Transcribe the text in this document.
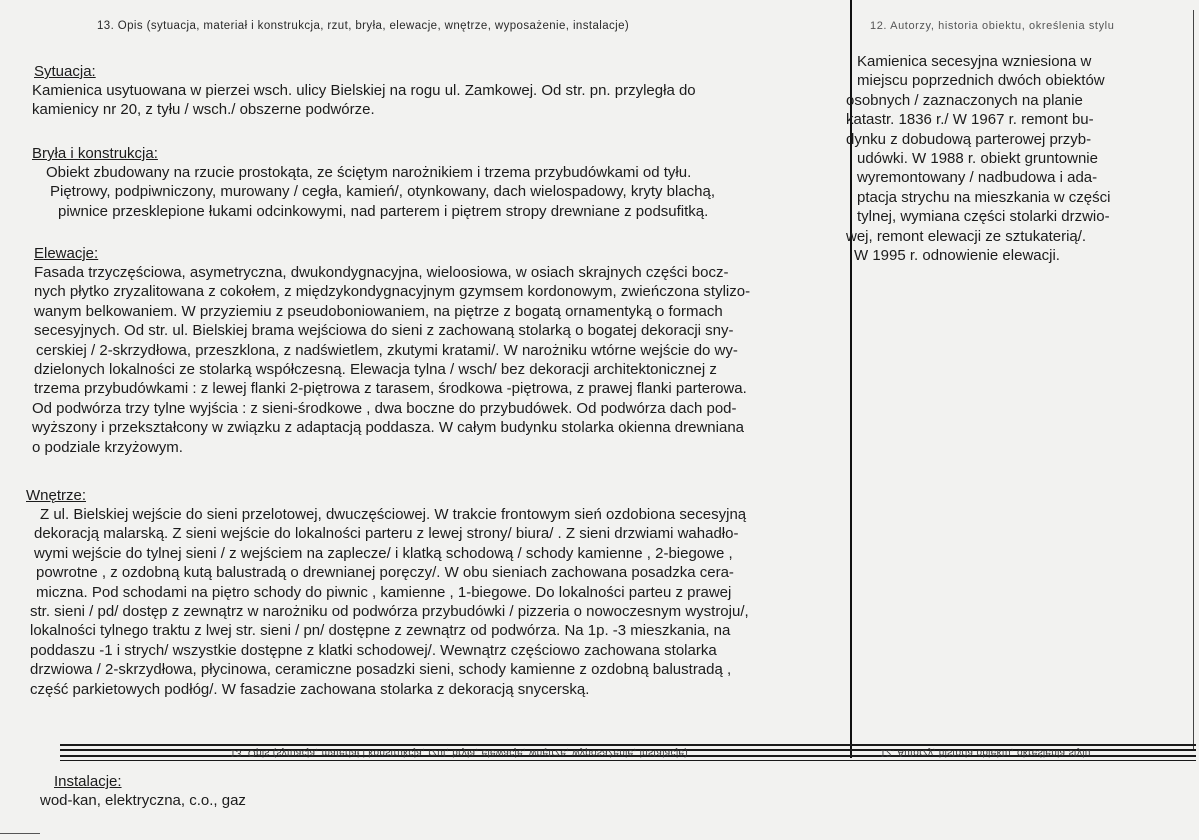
13. Opis (sytuacja, materiał i konstrukcja, rzut, bryła, elewacje, wnętrze, wyposażenie, instalacje)	12. Autorzy, historia obiektu, określenia stylu
Sytuacja:
Kamienica usytuowana w pierzei wsch. ulicy Bielskiej na rogu ul. Zamkowej. Od str. pn. przyległa do
kamienicy nr 20, z tyłu / wsch./ obszerne podwórze.
Bryła i konstrukcja:
Obiekt zbudowany na rzucie prostokąta, ze ściętym narożnikiem i trzema przybudówkami od tyłu.
Piętrowy, podpiwniczony, murowany / cegła, kamień/, otynkowany, dach wielospadowy, kryty blachą,
piwnice przesklepione łukami odcinkowymi, nad parterem i piętrem stropy drewniane z podsufitką.
Elewacje:
Fasada trzyczęściowa, asymetryczna, dwukondygnacyjna, wieloosiowa, w osiach skrajnych części bocz-
nych płytko zryzalitowana z cokołem, z międzykondygnacyjnym gzymsem kordonowym, zwieńczona stylizo-
wanym belkowaniem. W przyziemiu z pseudoboniowaniem, na piętrze z bogatą ornamentyką o formach
secesyjnych. Od str. ul. Bielskiej brama wejściowa do sieni z zachowaną stolarką o bogatej dekoracji sny-
cerskiej / 2-skrzydłowa, przeszklona, z nadświetlem, zkutymi kratami/. W narożniku wtórne wejście do wy-
dzielonych lokalności ze stolarką współczesną. Elewacja tylna / wsch/ bez dekoracji architektonicznej z
trzema przybudówkami : z lewej flanki 2-piętrowa z tarasem, środkowa -piętrowa, z prawej flanki parterowa.
Od podwórza trzy tylne wyjścia : z sieni-środkowe , dwa boczne do przybudówek. Od podwórza dach pod-
wyższony i przekształcony w związku z adaptacją poddasza. W całym budynku stolarka okienna drewniana
o podziale krzyżowym.
Wnętrze:
Z ul. Bielskiej wejście do sieni przelotowej, dwuczęściowej. W trakcie frontowym sień ozdobiona secesyjną
dekoracją malarską. Z sieni wejście do lokalności parteru z lewej strony/ biura/ . Z sieni drzwiami wahadło-
wymi wejście do tylnej sieni / z wejściem na zaplecze/ i klatką schodową / schody kamienne , 2-biegowe ,
powrotne , z ozdobną kutą balustradą o drewnianej poręczy/. W obu sieniach zachowana posadzka cera-
miczna. Pod schodami na piętro schody do piwnic , kamienne , 1-biegowe. Do lokalności parteu z prawej
str. sieni / pd/ dostęp z zewnątrz w narożniku od podwórza przybudówki / pizzeria o nowoczesnym wystroju/,
lokalności tylnego traktu z lwej str. sieni / pn/ dostępne z zewnątrz od podwórza. Na 1p. -3 mieszkania, na
poddaszu -1 i strych/ wszystkie dostępne z klatki schodowej/. Wewnątrz częściowo zachowana stolarka
drzwiowa / 2-skrzydłowa, płycinowa, ceramiczne posadzki sieni, schody kamienne z ozdobną balustradą ,
część parkietowych podłóg/. W fasadzie zachowana stolarka z dekoracją snycerską.
Kamienica secesyjna wzniesiona w
miejscu poprzednich dwóch obiektów
osobnych / zaznaczonych na planie
katastr. 1836 r./ W 1967 r. remont bu-
dynku z dobudową parterowej przyb-
udówki. W 1988 r. obiekt gruntownie
wyremontowany / nadbudowa i ada-
ptacja strychu na mieszkania w części
tylnej, wymiana części stolarki drzwio-
wej, remont elewacji ze sztukaterią/.
W 1995 r. odnowienie elewacji.
13. Opis (sytuacja, materiał i konstrukcja, rzut, bryła, elewacje, wnętrze, wyposażenie, instalacje)	12. Autorzy, historia obiektu, określenia stylu
Instalacje:
wod-kan, elektryczna, c.o., gaz
